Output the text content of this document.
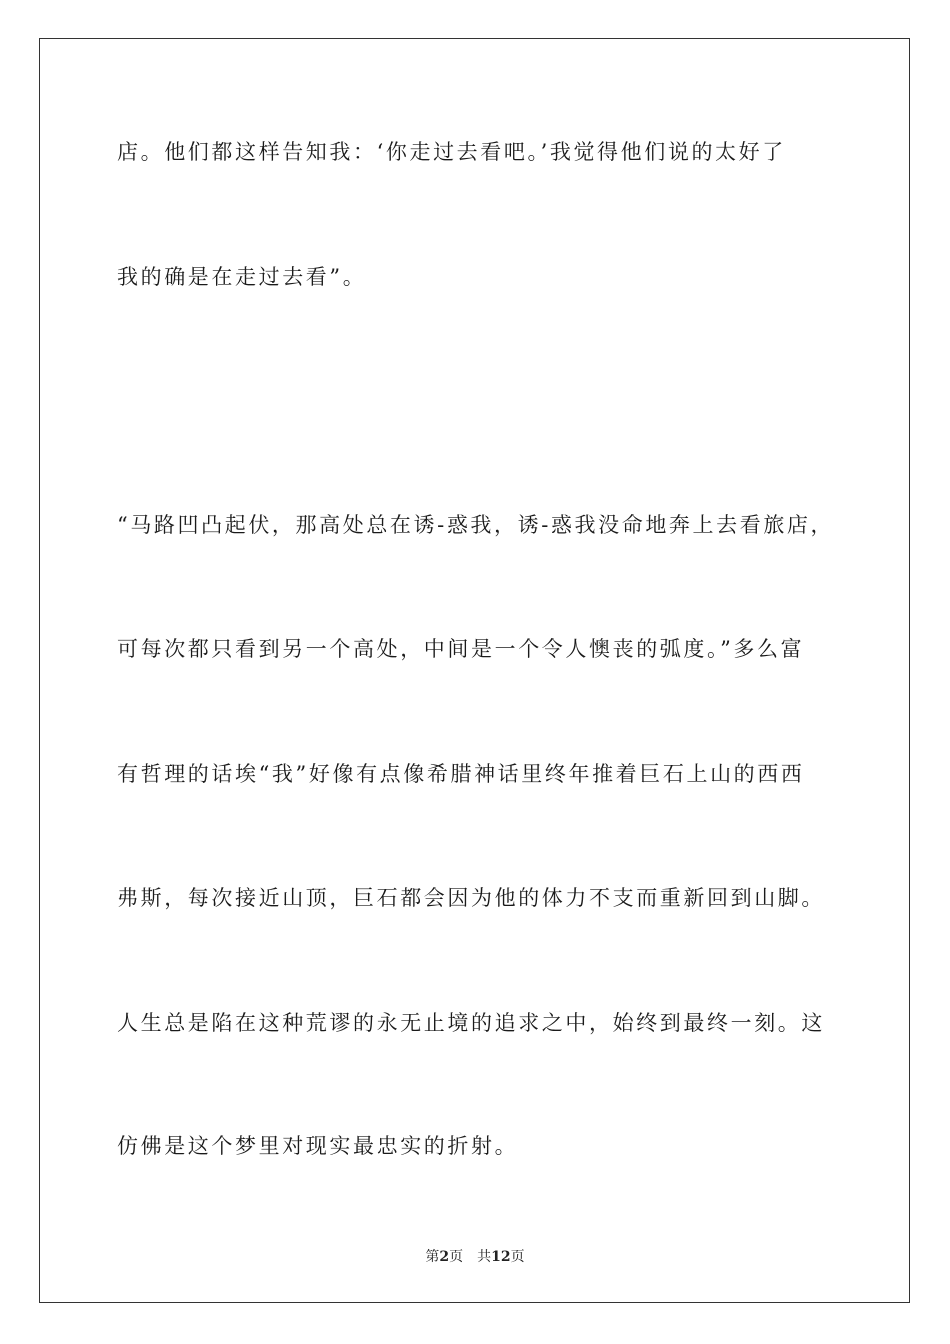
店。他们都这样告知我：‘你走过去看吧。’我觉得他们说的太好了
我的确是在走过去看”。
“马路凹凸起伏，那高处总在诱-惑我，诱-惑我没命地奔上去看旅店，
可每次都只看到另一个高处，中间是一个令人懊丧的弧度。”多么富
有哲理的话埃“我”好像有点像希腊神话里终年推着巨石上山的西西
弗斯，每次接近山顶，巨石都会因为他的体力不支而重新回到山脚。
人生总是陷在这种荒谬的永无止境的追求之中，始终到最终一刻。这
仿佛是这个梦里对现实最忠实的折射。
第2页 共12页
